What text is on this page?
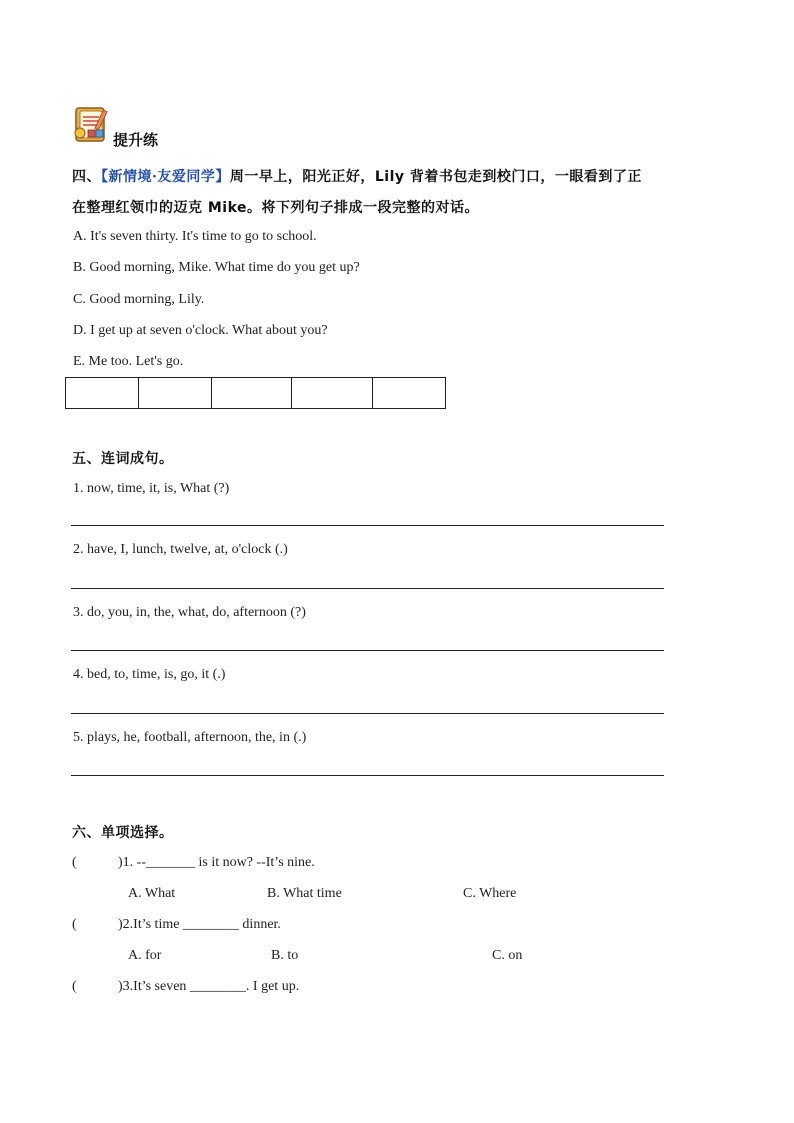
提升练
四、【新情境·友爱同学】周一早上，阳光正好，Lily 背着书包走到校门口，一眼看到了正
在整理红领巾的迈克 Mike。将下列句子排成一段完整的对话。
A. It's seven thirty. It's time to go to school.
B. Good morning, Mike. What time do you get up?
C. Good morning, Lily.
D. I get up at seven o'clock. What about you?
E. Me too. Let's go.

五、连词成句。
1. now, time, it, is, What (?)
2. have, I, lunch, twelve, at, o'clock (.)
3. do, you, in, the, what, do, afternoon (?)
4. bed, to, time, is, go, it (.)
5. plays, he, football, afternoon, the, in (.)
六、单项选择。
(	)1. --_______ is it now? --It’s nine.
A. What	B. What time	C. Where
(	)2.It’s time ________ dinner.
A. for	B. to	C. on
(	)3.It’s seven ________. I get up.
